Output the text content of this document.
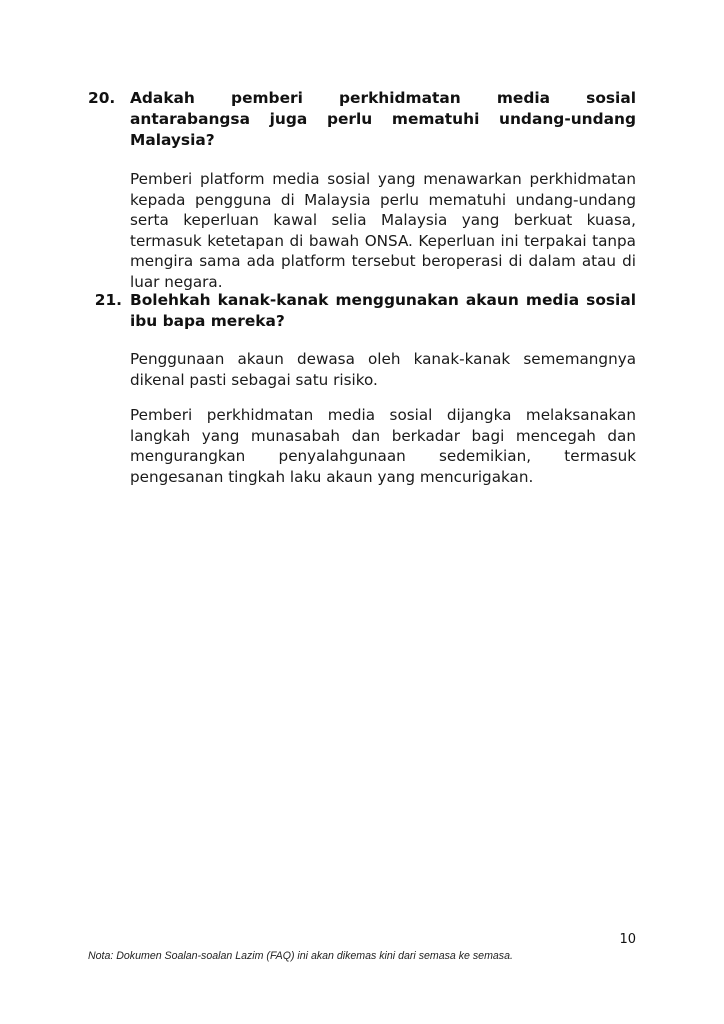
20. Adakah pemberi perkhidmatan media sosial antarabangsa juga perlu mematuhi undang-undang Malaysia?

Pemberi platform media sosial yang menawarkan perkhidmatan kepada pengguna di Malaysia perlu mematuhi undang-undang serta keperluan kawal selia Malaysia yang berkuat kuasa, termasuk ketetapan di bawah ONSA. Keperluan ini terpakai tanpa mengira sama ada platform tersebut beroperasi di dalam atau di luar negara.

21. Bolehkah kanak-kanak menggunakan akaun media sosial ibu bapa mereka?

Penggunaan akaun dewasa oleh kanak-kanak sememangnya dikenal pasti sebagai satu risiko.

Pemberi perkhidmatan media sosial dijangka melaksanakan langkah yang munasabah dan berkadar bagi mencegah dan mengurangkan penyalahgunaan sedemikian, termasuk pengesanan tingkah laku akaun yang mencurigakan.

10
Nota: Dokumen Soalan-soalan Lazim (FAQ) ini akan dikemas kini dari semasa ke semasa.
